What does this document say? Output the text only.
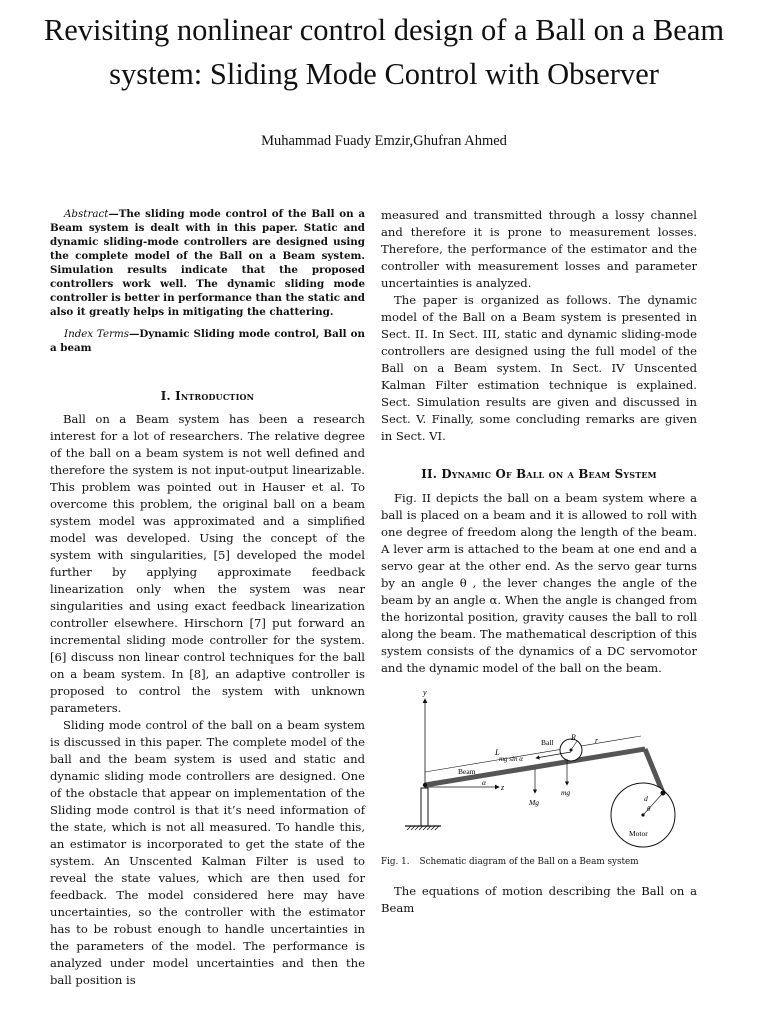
Revisiting nonlinear control design of a Ball on a Beam system: Sliding Mode Control with Observer
Muhammad Fuady Emzir,Ghufran Ahmed

Abstract—The sliding mode control of the Ball on a Beam system is dealt with in this paper. Static and dynamic sliding-mode controllers are designed using the complete model of the Ball on a Beam system. Simulation results indicate that the proposed controllers work well. The dynamic sliding mode controller is better in performance than the static and also it greatly helps in mitigating the chattering.

Index Terms—Dynamic Sliding mode control, Ball on a beam

I. Introduction

Ball on a Beam system has been a research interest for a lot of researchers. The relative degree of the ball on a beam system is not well defined and therefore the system is not input-output linearizable. This problem was pointed out in Hauser et al. To overcome this problem, the original ball on a beam system model was approximated and a simplified model was developed. Using the concept of the system with singularities, [5] developed the model further by applying approximate feedback linearization only when the system was near singularities and using exact feedback linearization controller elsewhere. Hirschorn [7] put forward an incremental sliding mode controller for the system. [6] discuss non linear control techniques for the ball on a beam system. In [8], an adaptive controller is proposed to control the system with unknown parameters.

Sliding mode control of the ball on a beam system is discussed in this paper. The complete model of the ball and the beam system is used and static and dynamic sliding mode controllers are designed. One of the obstacle that appear on implementation of the Sliding mode control is that it’s need information of the state, which is not all measured. To handle this, an estimator is incorporated to get the state of the system. An Unscented Kalman Filter is used to reveal the state values, which are then used for feedback. The model considered here may have uncertainties, so the controller with the estimator has to be robust enough to handle uncertainties in the parameters of the model. The performance is analyzed under model uncertainties and then the ball position is

measured and transmitted through a lossy channel and therefore it is prone to measurement losses. Therefore, the performance of the estimator and the controller with measurement losses and parameter uncertainties is analyzed.

The paper is organized as follows. The dynamic model of the Ball on a Beam system is presented in Sect. II. In Sect. III, static and dynamic sliding-mode controllers are designed using the full model of the Ball on a Beam system. In Sect. IV Unscented Kalman Filter estimation technique is explained. Sect. Simulation results are given and discussed in Sect. V. Finally, some concluding remarks are given in Sect. VI.

II. Dynamic Of Ball on a Beam System

Fig. II depicts the ball on a beam system where a ball is placed on a beam and it is allowed to roll with one degree of freedom along the length of the beam. A lever arm is attached to the beam at one end and a servo gear at the other end. As the servo gear turns by an angle θ , the lever changes the angle of the beam by an angle α. When the angle is changed from the horizontal position, gravity causes the ball to roll along the beam. The mathematical description of this system consists of the dynamics of a DC servomotor and the dynamic model of the ball on the beam.

y
z
Beam
α
L
Ball
R r
mg sin α
mg
Mg	d
θ
Motor
Fig. 1. Schematic diagram of the Ball on a Beam system

The equations of motion describing the Ball on a Beam
